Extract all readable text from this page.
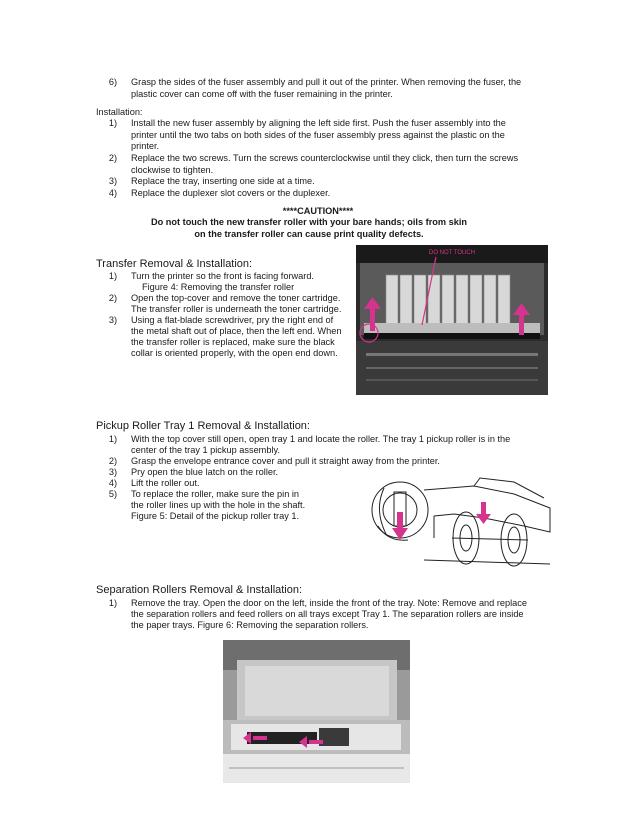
6) Grasp the sides of the fuser assembly and pull it out of the printer. When removing the fuser, the
plastic cover can come off with the fuser remaining in the printer.
Installation:
1) Install the new fuser assembly by aligning the left side first. Push the fuser assembly into the
printer until the two tabs on both sides of the fuser assembly press against the plastic on the
printer.
2) Replace the two screws. Turn the screws counterclockwise until they click, then turn the screws
clockwise to tighten.
3) Replace the tray, inserting one side at a time.
4) Replace the duplexer slot covers or the duplexer.
****CAUTION****
Do not touch the new transfer roller with your bare hands; oils from skin
on the transfer roller can cause print quality defects.
Transfer Removal & Installation:
1) Turn the printer so the front is facing forward.
Figure 4: Removing the transfer roller
2) Open the top-cover and remove the toner cartridge.
The transfer roller is underneath the toner cartridge.
3) Using a flat-blade screwdriver, pry the right end of
the metal shaft out of place, then the left end. When
the transfer roller is replaced, make sure the black
collar is oriented properly, with the open end down.
DO NOT TOUCH
Pickup Roller Tray 1 Removal & Installation:
1) With the top cover still open, open tray 1 and locate the roller. The tray 1 pickup roller is in the
center of the tray 1 pickup assembly.
2) Grasp the envelope entrance cover and pull it straight away from the printer.
3) Pry open the blue latch on the roller.
4) Lift the roller out.
5) To replace the roller, make sure the pin in
the roller lines up with the hole in the shaft.
Figure 5: Detail of the pickup roller tray 1.
Separation Rollers Removal & Installation:
1) Remove the tray. Open the door on the left, inside the front of the tray. Note: Remove and replace
the separation rollers and feed rollers on all trays except Tray 1. The separation rollers are inside
the paper trays. Figure 6: Removing the separation rollers.
